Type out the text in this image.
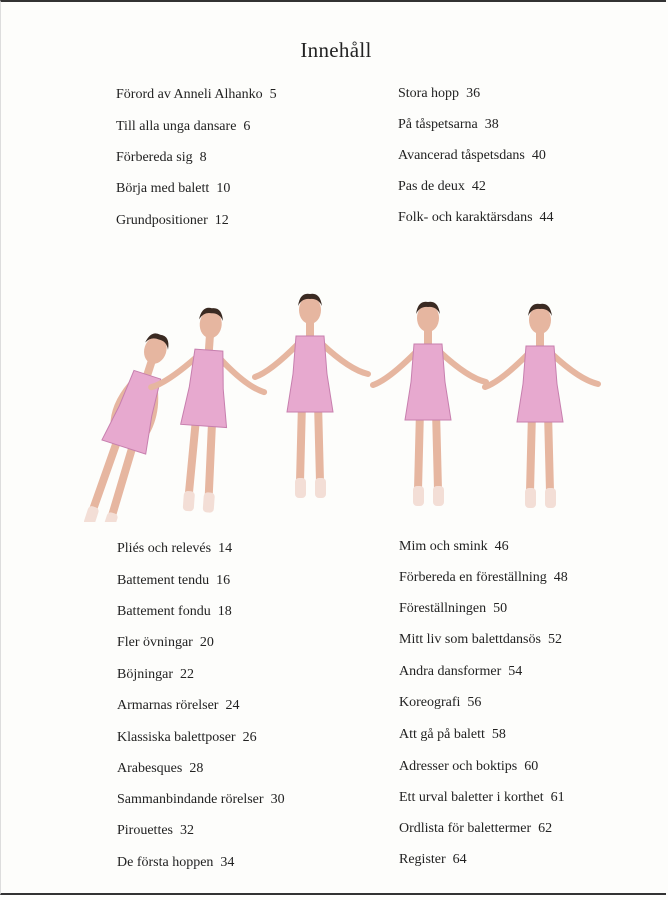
Innehåll
Förord av Anneli Alhanko 5
Till alla unga dansare 6
Förbereda sig 8
Börja med balett 10
Grundpositioner 12
Stora hopp 36
På tåspetsarna 38
Avancerad tåspetsdans 40
Pas de deux 42
Folk- och karaktärsdans 44
Pliés och relevés 14
Battement tendu 16
Battement fondu 18
Fler övningar 20
Böjningar 22
Armarnas rörelser 24
Klassiska balettposer 26
Arabesques 28
Sammanbindande rörelser 30
Pirouettes 32
De första hoppen 34
Mim och smink 46
Förbereda en föreställning 48
Föreställningen 50
Mitt liv som balettdansös 52
Andra dansformer 54
Koreografi 56
Att gå på balett 58
Adresser och boktips 60
Ett urval baletter i korthet 61
Ordlista för balettermer 62
Register 64
